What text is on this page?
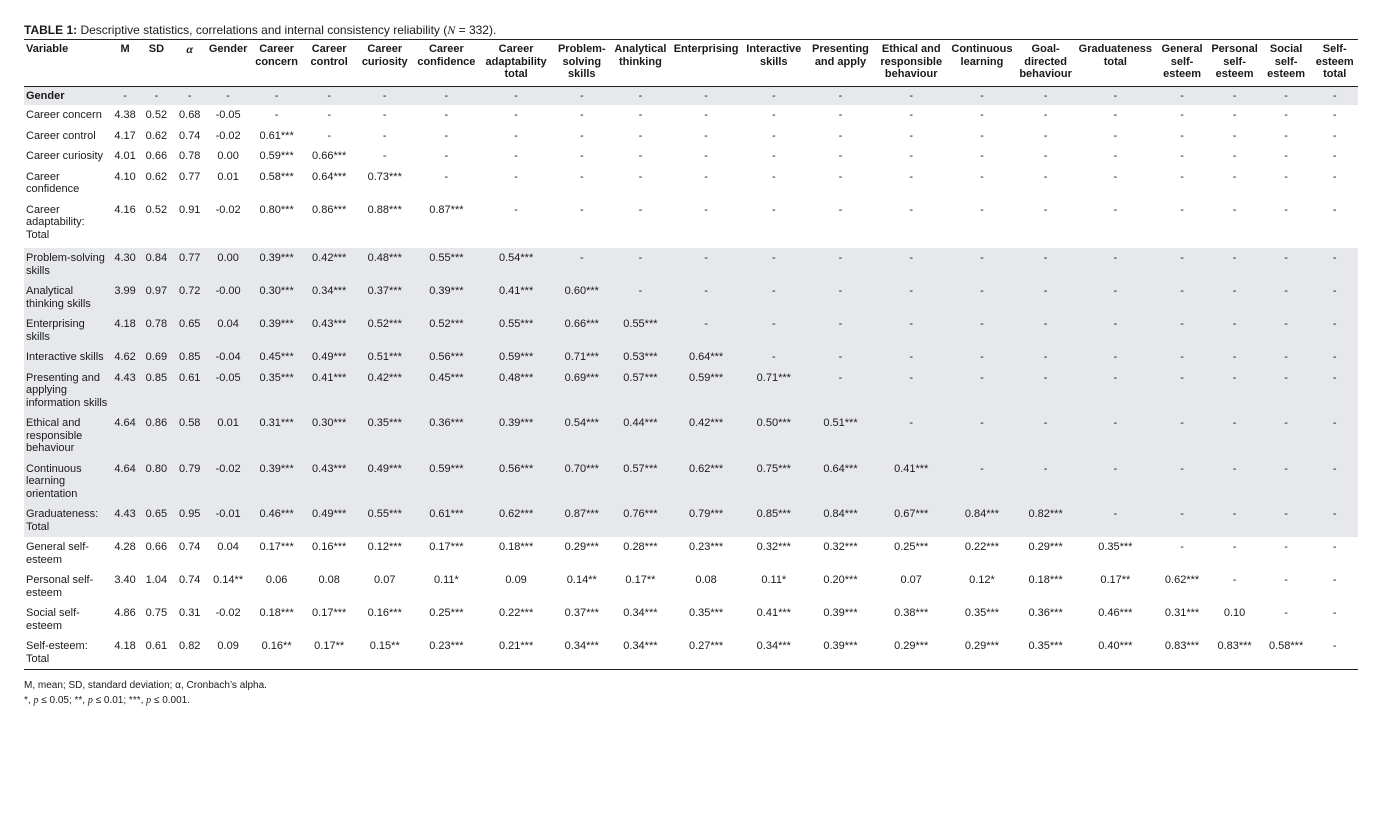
TABLE 1: Descriptive statistics, correlations and internal consistency reliability (N = 332).
Variable	M	SD	α	Gender	Career concern	Career control	Career curiosity	Career confidence	Career adaptability total	Problem-solving skills	Analytical thinking	Enterprising	Interactive skills	Presenting and apply	Ethical and responsible behaviour	Continuous learning	Goal-directed behaviour	Graduateness total	General self-esteem	Personal self-esteem	Social self-esteem	Self-esteem total
Gender	-	-	-	-	-	-	-	-	-	-	-	-	-	-	-	-	-	-	-	-	-	-
Career concern	4.38	0.52	0.68	-0.05	-	-	-	-	-	-	-	-	-	-	-	-	-	-	-	-	-	-
Career control	4.17	0.62	0.74	-0.02	0.61***	-	-	-	-	-	-	-	-	-	-	-	-	-	-	-	-	-
Career curiosity	4.01	0.66	0.78	0.00	0.59***	0.66***	-	-	-	-	-	-	-	-	-	-	-	-	-	-	-	-
Career confidence	4.10	0.62	0.77	0.01	0.58***	0.64***	0.73***	-	-	-	-	-	-	-	-	-	-	-	-	-	-	-
Career adaptability: Total	4.16	0.52	0.91	-0.02	0.80***	0.86***	0.88***	0.87***	-	-	-	-	-	-	-	-	-	-	-	-	-	-
Problem-solving skills	4.30	0.84	0.77	0.00	0.39***	0.42***	0.48***	0.55***	0.54***	-	-	-	-	-	-	-	-	-	-	-	-	-
Analytical thinking skills	3.99	0.97	0.72	-0.00	0.30***	0.34***	0.37***	0.39***	0.41***	0.60***	-	-	-	-	-	-	-	-	-	-	-	-
Enterprising skills	4.18	0.78	0.65	0.04	0.39***	0.43***	0.52***	0.52***	0.55***	0.66***	0.55***	-	-	-	-	-	-	-	-	-	-	-
Interactive skills	4.62	0.69	0.85	-0.04	0.45***	0.49***	0.51***	0.56***	0.59***	0.71***	0.53***	0.64***	-	-	-	-	-	-	-	-	-	-
Presenting and applying information skills	4.43	0.85	0.61	-0.05	0.35***	0.41***	0.42***	0.45***	0.48***	0.69***	0.57***	0.59***	0.71***	-	-	-	-	-	-	-	-	-
Ethical and responsible behaviour	4.64	0.86	0.58	0.01	0.31***	0.30***	0.35***	0.36***	0.39***	0.54***	0.44***	0.42***	0.50***	0.51***	-	-	-	-	-	-	-	-
Continuous learning orientation	4.64	0.80	0.79	-0.02	0.39***	0.43***	0.49***	0.59***	0.56***	0.70***	0.57***	0.62***	0.75***	0.64***	0.41***	-	-	-	-	-	-	-
Graduateness: Total	4.43	0.65	0.95	-0.01	0.46***	0.49***	0.55***	0.61***	0.62***	0.87***	0.76***	0.79***	0.85***	0.84***	0.67***	0.84***	0.82***	-	-	-	-	-
General self-esteem	4.28	0.66	0.74	0.04	0.17***	0.16***	0.12***	0.17***	0.18***	0.29***	0.28***	0.23***	0.32***	0.32***	0.25***	0.22***	0.29***	0.35***	-	-	-	-
Personal self-esteem	3.40	1.04	0.74	0.14**	0.06	0.08	0.07	0.11*	0.09	0.14**	0.17**	0.08	0.11*	0.20***	0.07	0.12*	0.18***	0.17**	0.62***	-	-	-
Social self-esteem	4.86	0.75	0.31	-0.02	0.18***	0.17***	0.16***	0.25***	0.22***	0.37***	0.34***	0.35***	0.41***	0.39***	0.38***	0.35***	0.36***	0.46***	0.31***	0.10	-	-
Self-esteem: Total	4.18	0.61	0.82	0.09	0.16**	0.17**	0.15**	0.23***	0.21***	0.34***	0.34***	0.27***	0.34***	0.39***	0.29***	0.29***	0.35***	0.40***	0.83***	0.83***	0.58***	-
M, mean; SD, standard deviation; α, Cronbach’s alpha.
*, p ≤ 0.05; **, p ≤ 0.01; ***, p ≤ 0.001.
